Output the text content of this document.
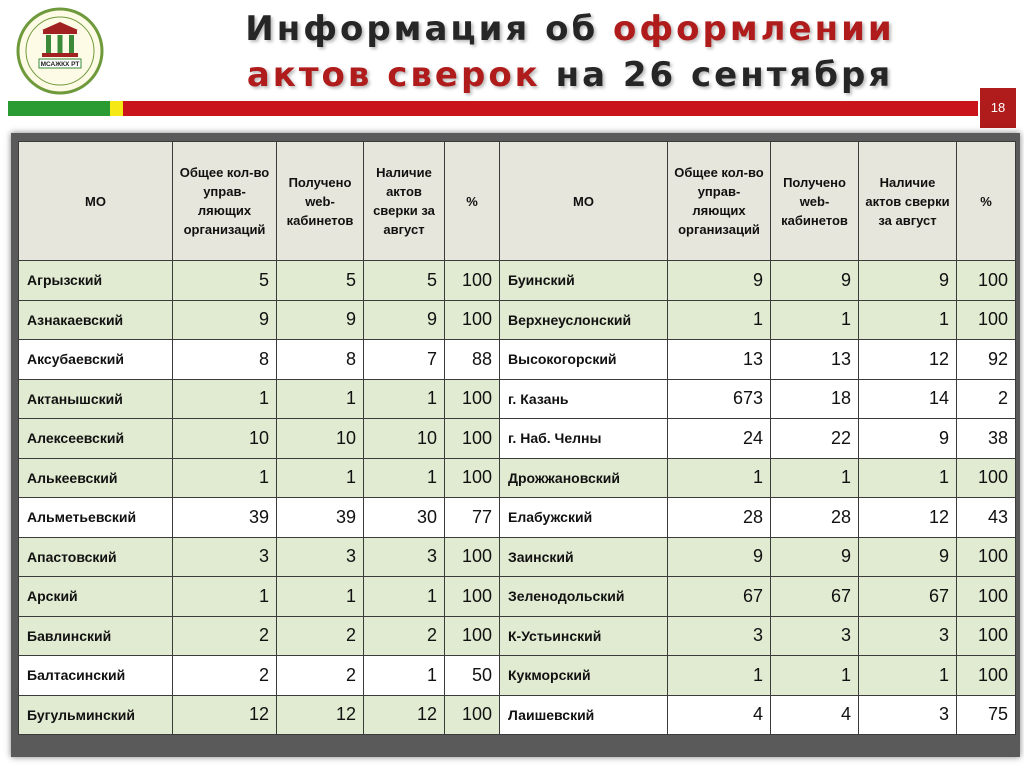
МСАЖКХ РТ
Информация об оформлении
актов сверок на 26 сентября
18
МО	Общее кол-во управ-ляющих организаций	Получено web-кабинетов	Наличие актов сверки за август	%	МО	Общее кол-во управ-ляющих организаций	Получено web-кабинетов	Наличие актов сверки за август	%
Агрызский	5	5	5	100	Буинский	9	9	9	100
Азнакаевский	9	9	9	100	Верхнеуслонский	1	1	1	100
Аксубаевский	8	8	7	88	Высокогорский	13	13	12	92
Актанышский	1	1	1	100	г. Казань	673	18	14	2
Алексеевский	10	10	10	100	г. Наб. Челны	24	22	9	38
Алькеевский	1	1	1	100	Дрожжановский	1	1	1	100
Альметьевский	39	39	30	77	Елабужский	28	28	12	43
Апастовский	3	3	3	100	Заинский	9	9	9	100
Арский	1	1	1	100	Зеленодольский	67	67	67	100
Бавлинский	2	2	2	100	К-Устьинский	3	3	3	100
Балтасинский	2	2	1	50	Кукморский	1	1	1	100
Бугульминский	12	12	12	100	Лаишевский	4	4	3	75
